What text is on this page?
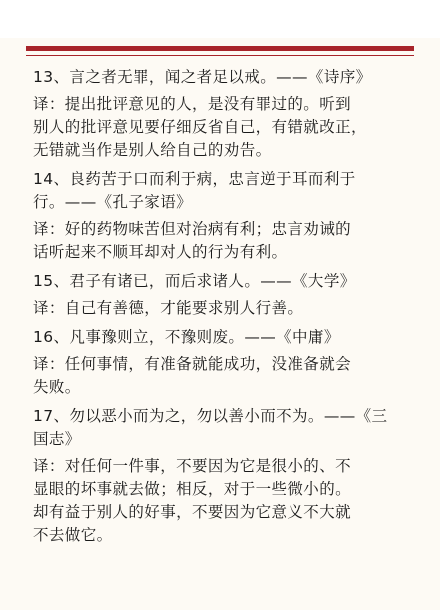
13、言之者无罪，闻之者足以戒。——《诗序》
译：提出批评意见的人，是没有罪过的。听到
别人的批评意见要仔细反省自己，有错就改正，
无错就当作是别人给自己的劝告。
14、良药苦于口而利于病，忠言逆于耳而利于
行。——《孔子家语》
译：好的药物味苦但对治病有利；忠言劝诫的
话听起来不顺耳却对人的行为有利。
15、君子有诸已，而后求诸人。——《大学》
译：自己有善德，才能要求别人行善。
16、凡事豫则立，不豫则废。——《中庸》
译：任何事情，有准备就能成功，没准备就会
失败。
17、勿以恶小而为之，勿以善小而不为。——《三
国志》
译：对任何一件事，不要因为它是很小的、不
显眼的坏事就去做；相反，对于一些微小的。
却有益于别人的好事，不要因为它意义不大就
不去做它。
